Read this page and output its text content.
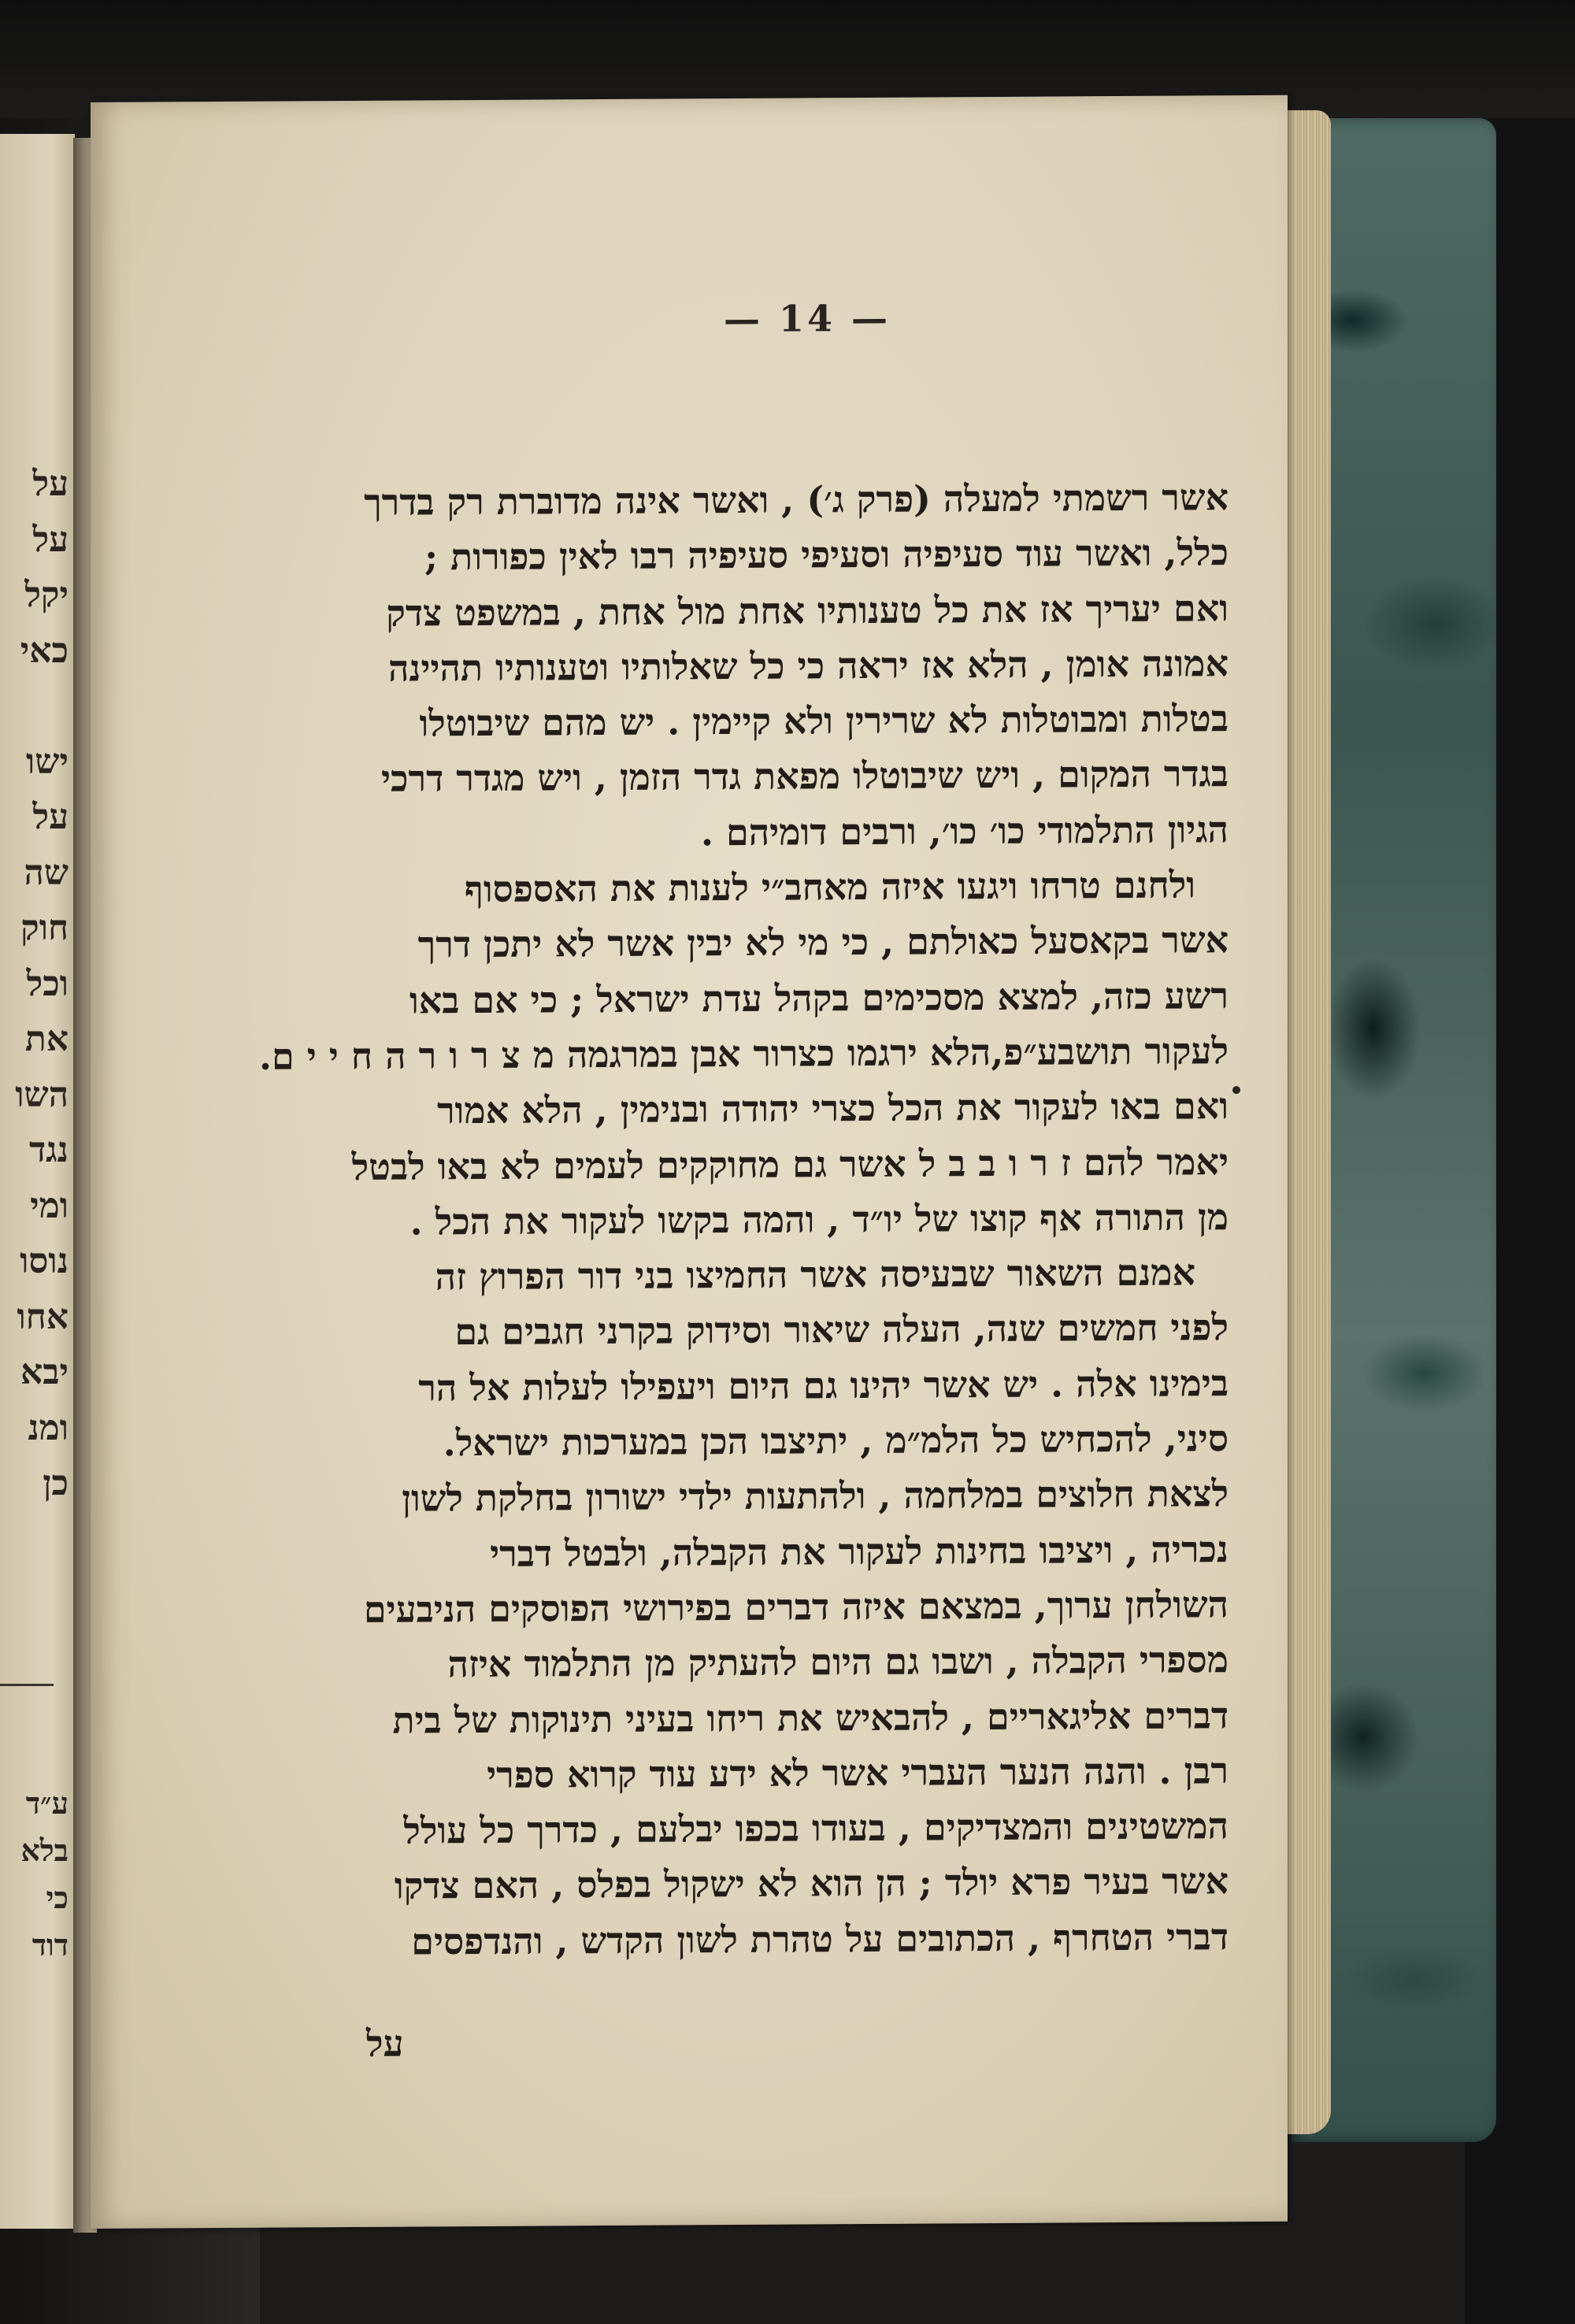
על
על
יקל
כאי
ישו
על
שה
חוק
וכל
את
השו
נגד
ומי
נוסו
אחו
יבא
ומנ
כן
ע״ד
בלא
כי
דוד
— 14 —
אשר רשמתי למעלה (פרק ג׳) , ואשר אינה מדוברת רק בדרך
כלל, ואשר עוד סעיפיה וסעיפי סעיפיה רבו לאין כפורות ;
ואם יעריך אז את כל טענותיו אחת מול אחת , במשפט צדק
אמונה אומן , הלא אז יראה כי כל שאלותיו וטענותיו תהיינה
בטלות ומבוטלות לא שרירין ולא קיימין . יש מהם שיבוטלו
בגדר המקום , ויש שיבוטלו מפאת גדר הזמן , ויש מגדר דרכי
הגיון התלמודי כו׳ כו׳, ורבים דומיהם .
ולחנם טרחו ויגעו איזה מאחב״י לענות את האספסוף
אשר בקאסעל כאולתם , כי מי לא יבין אשר לא יתכן דרך
רשע כזה, למצא מסכימים בקהל עדת ישראל ; כי אם באו
לעקור תושבע״פ,הלא ירגמו כצרור אבן במרגמה מ צ ר ו ר ה ח י י ם.
ואם באו לעקור את הכל כצרי יהודה ובנימין , הלא אמור
יאמר להם ז ר ו ב ב ל אשר גם מחוקקים לעמים לא באו לבטל
מן התורה אף קוצו של יו״ד , והמה בקשו לעקור את הכל .
אמנם השאור שבעיסה אשר החמיצו בני דור הפרוץ זה
לפני חמשים שנה, העלה שיאור וסידוק בקרני חגבים גם
בימינו אלה . יש אשר יהינו גם היום ויעפילו לעלות אל הר
סיני, להכחיש כל הלמ״מ , יתיצבו הכן במערכות ישראל.
לצאת חלוצים במלחמה , ולהתעות ילדי ישורון בחלקת לשון
נכריה , ויציבו בחינות לעקור את הקבלה, ולבטל דברי
השולחן ערוך, במצאם איזה דברים בפירושי הפוסקים הניבעים
מספרי הקבלה , ושבו גם היום להעתיק מן התלמוד איזה
דברים אליגאריים , להבאיש את ריחו בעיני תינוקות של בית
רבן . והנה הנער העברי אשר לא ידע עוד קרוא ספרי
המשטינים והמצדיקים , בעודו בכפו יבלעם , כדרך כל עולל
אשר בעיר פרא יולד ; הן הוא לא ישקול בפלס , האם צדקו
דברי הטחרף , הכתובים על טהרת לשון הקדש , והנדפסים
על
